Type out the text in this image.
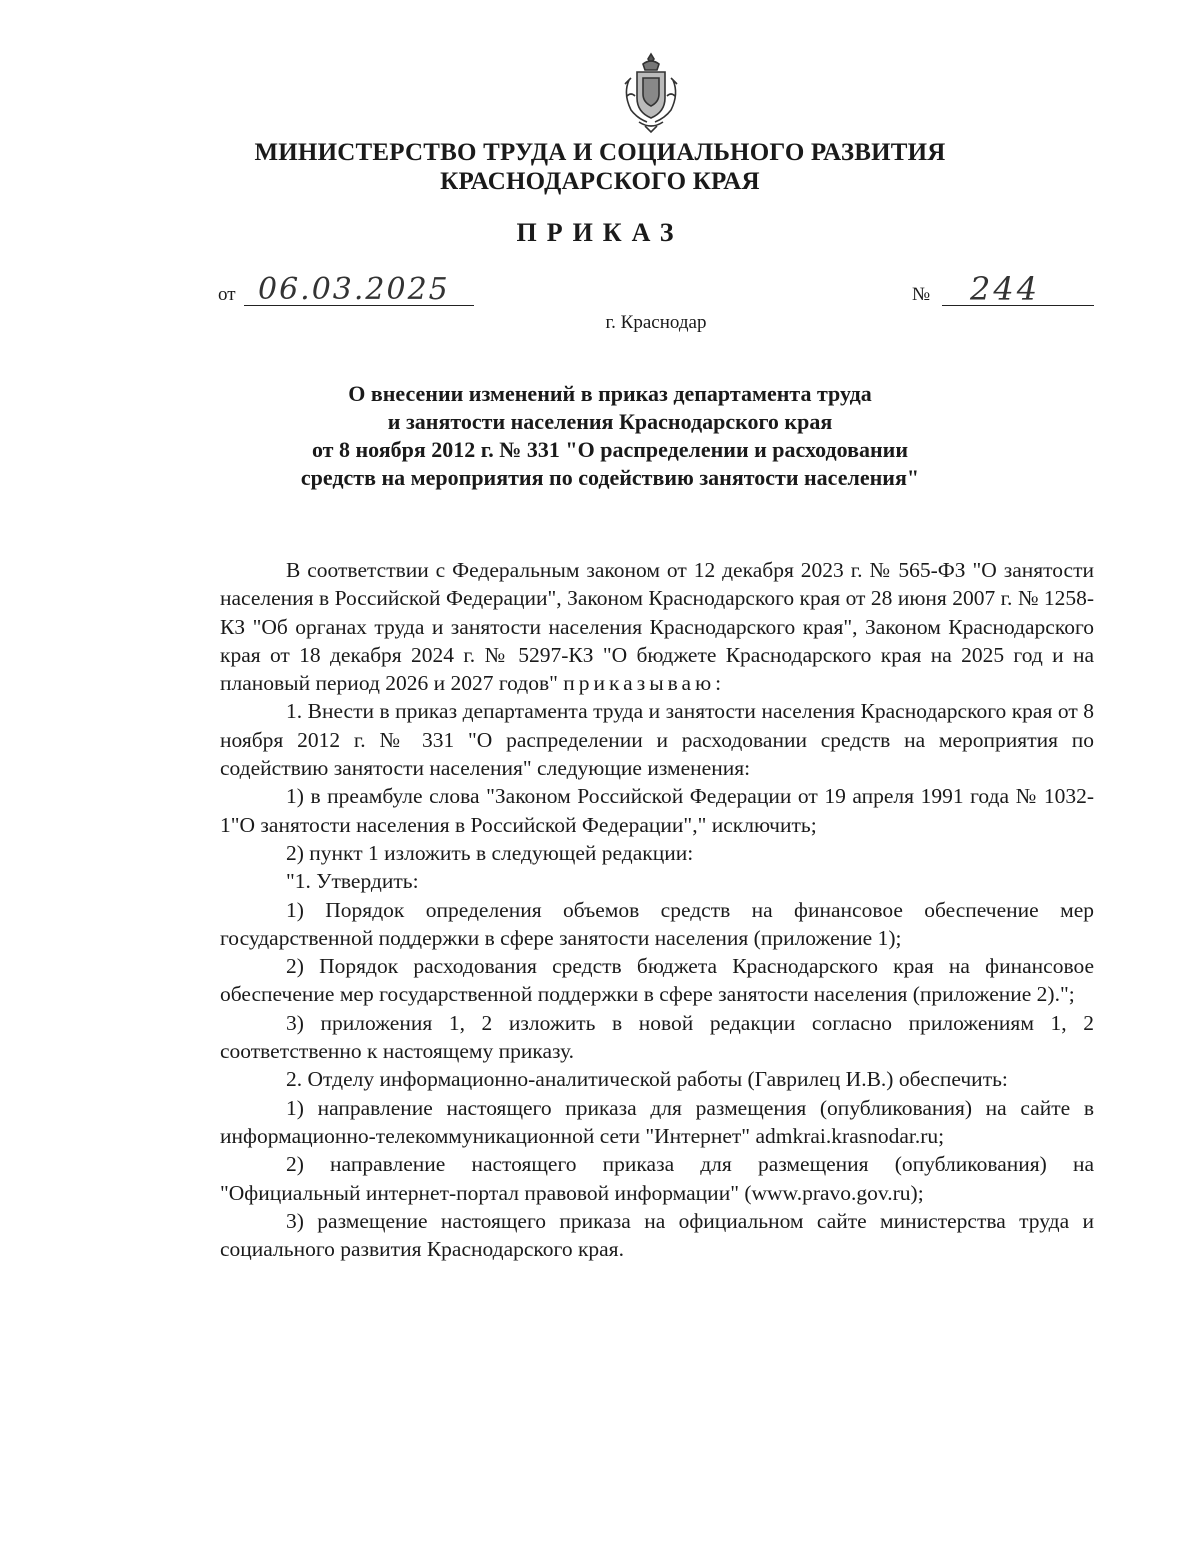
МИНИСТЕРСТВО ТРУДА И СОЦИАЛЬНОГО РАЗВИТИЯ
КРАСНОДАРСКОГО КРАЯ
ПРИКАЗ
от 06.03.2025	№ 244
г. Краснодар
О внесении изменений в приказ департамента труда
и занятости населения Краснодарского края
от 8 ноября 2012 г. № 331 "О распределении и расходовании
средств на мероприятия по содействию занятости населения"

В соответствии с Федеральным законом от 12 декабря 2023 г. № 565-ФЗ "О занятости населения в Российской Федерации", Законом Краснодарского края от 28 июня 2007 г. № 1258-КЗ "Об органах труда и занятости населения Краснодарского края", Законом Краснодарского края от 18 декабря 2024 г. № 5297-КЗ "О бюджете Краснодарского края на 2025 год и на плановый период 2026 и 2027 годов" приказываю:

1. Внести в приказ департамента труда и занятости населения Краснодарского края от 8 ноября 2012 г. № 331 "О распределении и расходовании средств на мероприятия по содействию занятости населения" следующие изменения:

1) в преамбуле слова "Законом Российской Федерации от 19 апреля 1991 года № 1032-1"О занятости населения в Российской Федерации"," исключить;

2) пункт 1 изложить в следующей редакции:

"1. Утвердить:

1) Порядок определения объемов средств на финансовое обеспечение мер государственной поддержки в сфере занятости населения (приложение 1);

2) Порядок расходования средств бюджета Краснодарского края на финансовое обеспечение мер государственной поддержки в сфере занятости населения (приложение 2).";

3) приложения 1, 2 изложить в новой редакции согласно приложениям 1, 2 соответственно к настоящему приказу.

2. Отделу информационно-аналитической работы (Гаврилец И.В.) обеспечить:

1) направление настоящего приказа для размещения (опубликования) на сайте в информационно-телекоммуникационной сети "Интернет" admkrai.krasnodar.ru;

2) направление настоящего приказа для размещения (опубликования) на "Официальный интернет-портал правовой информации" (www.pravo.gov.ru);

3) размещение настоящего приказа на официальном сайте министерства труда и социального развития Краснодарского края.
